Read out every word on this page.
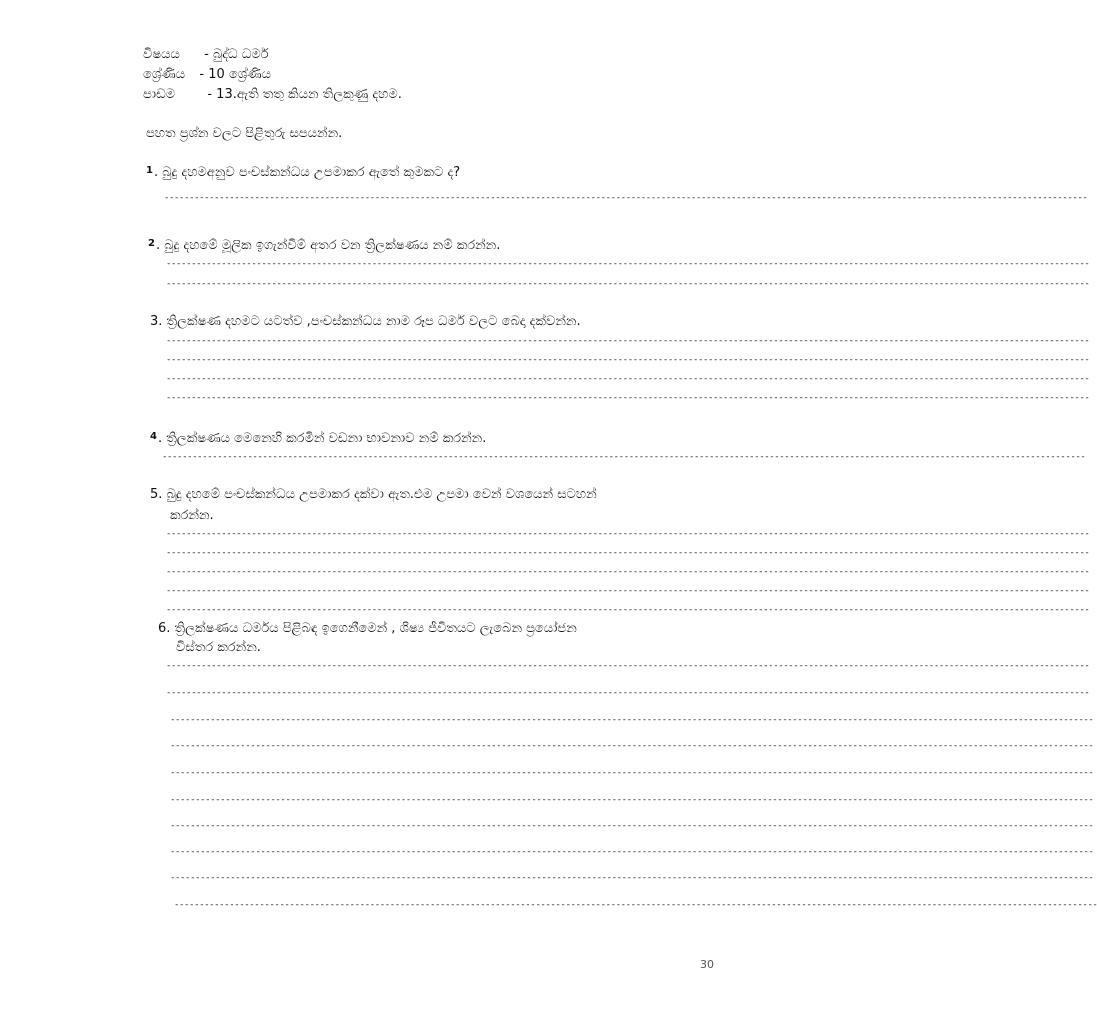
විෂයය - බුද්ධ ධර්ම
ශ්‍රේණිය - 10 ශ්‍රේණිය
පාඩම - 13.ඇති තතු කියන තිලකුණු දහම.
පහත ප්‍රශ්න වලට පිළිතුරු සපයන්න.
$^1$. බුදු දහමඅනුව පංචස්කන්ධය උපමාකර ඇතේ කුමකට ද?
----------------------------------------------------------------------------------------------------------------------------------------------------------------------------------------
$^2$. බුදු දහමේ මූලික ඉගැන්වීම් අතර වන ත්‍රිලක්ෂණය නම් කරන්න.
----------------------------------------------------------------------------------------------------------------------------------------------------------------------------------------
----------------------------------------------------------------------------------------------------------------------------------------------------------------------------------------
3. ත්‍රිලක්ෂණ දහමට යටත්ව ,පංචස්කන්ධය නාම රූප ධර්ම වලට බෙදා දක්වන්න.
----------------------------------------------------------------------------------------------------------------------------------------------------------------------------------------
----------------------------------------------------------------------------------------------------------------------------------------------------------------------------------------
----------------------------------------------------------------------------------------------------------------------------------------------------------------------------------------
----------------------------------------------------------------------------------------------------------------------------------------------------------------------------------------
$^4$. ත්‍රිලක්ෂණය මෙනෙහි කරමින් වඩනා භාවනාව නම් කරන්න.
----------------------------------------------------------------------------------------------------------------------------------------------------------------------------------------
5. බුදු දහමේ පංචස්කන්ධය උපමාකර දක්වා ඇත.එම උපමා වෙන් වශයෙන් සටහන්
කරන්න.
----------------------------------------------------------------------------------------------------------------------------------------------------------------------------------------
----------------------------------------------------------------------------------------------------------------------------------------------------------------------------------------
----------------------------------------------------------------------------------------------------------------------------------------------------------------------------------------
----------------------------------------------------------------------------------------------------------------------------------------------------------------------------------------
----------------------------------------------------------------------------------------------------------------------------------------------------------------------------------------
6. ත්‍රිලක්ෂණය ධර්මය පිළිබඳ ඉගෙනීමෙන් , ශිෂ්‍ය ජීවිතයට ලැබෙන ප්‍රයෝජන
විස්තර කරන්න.
----------------------------------------------------------------------------------------------------------------------------------------------------------------------------------------
----------------------------------------------------------------------------------------------------------------------------------------------------------------------------------------
----------------------------------------------------------------------------------------------------------------------------------------------------------------------------------------
----------------------------------------------------------------------------------------------------------------------------------------------------------------------------------------
----------------------------------------------------------------------------------------------------------------------------------------------------------------------------------------
----------------------------------------------------------------------------------------------------------------------------------------------------------------------------------------
----------------------------------------------------------------------------------------------------------------------------------------------------------------------------------------
----------------------------------------------------------------------------------------------------------------------------------------------------------------------------------------
----------------------------------------------------------------------------------------------------------------------------------------------------------------------------------------
----------------------------------------------------------------------------------------------------------------------------------------------------------------------------------------
30
